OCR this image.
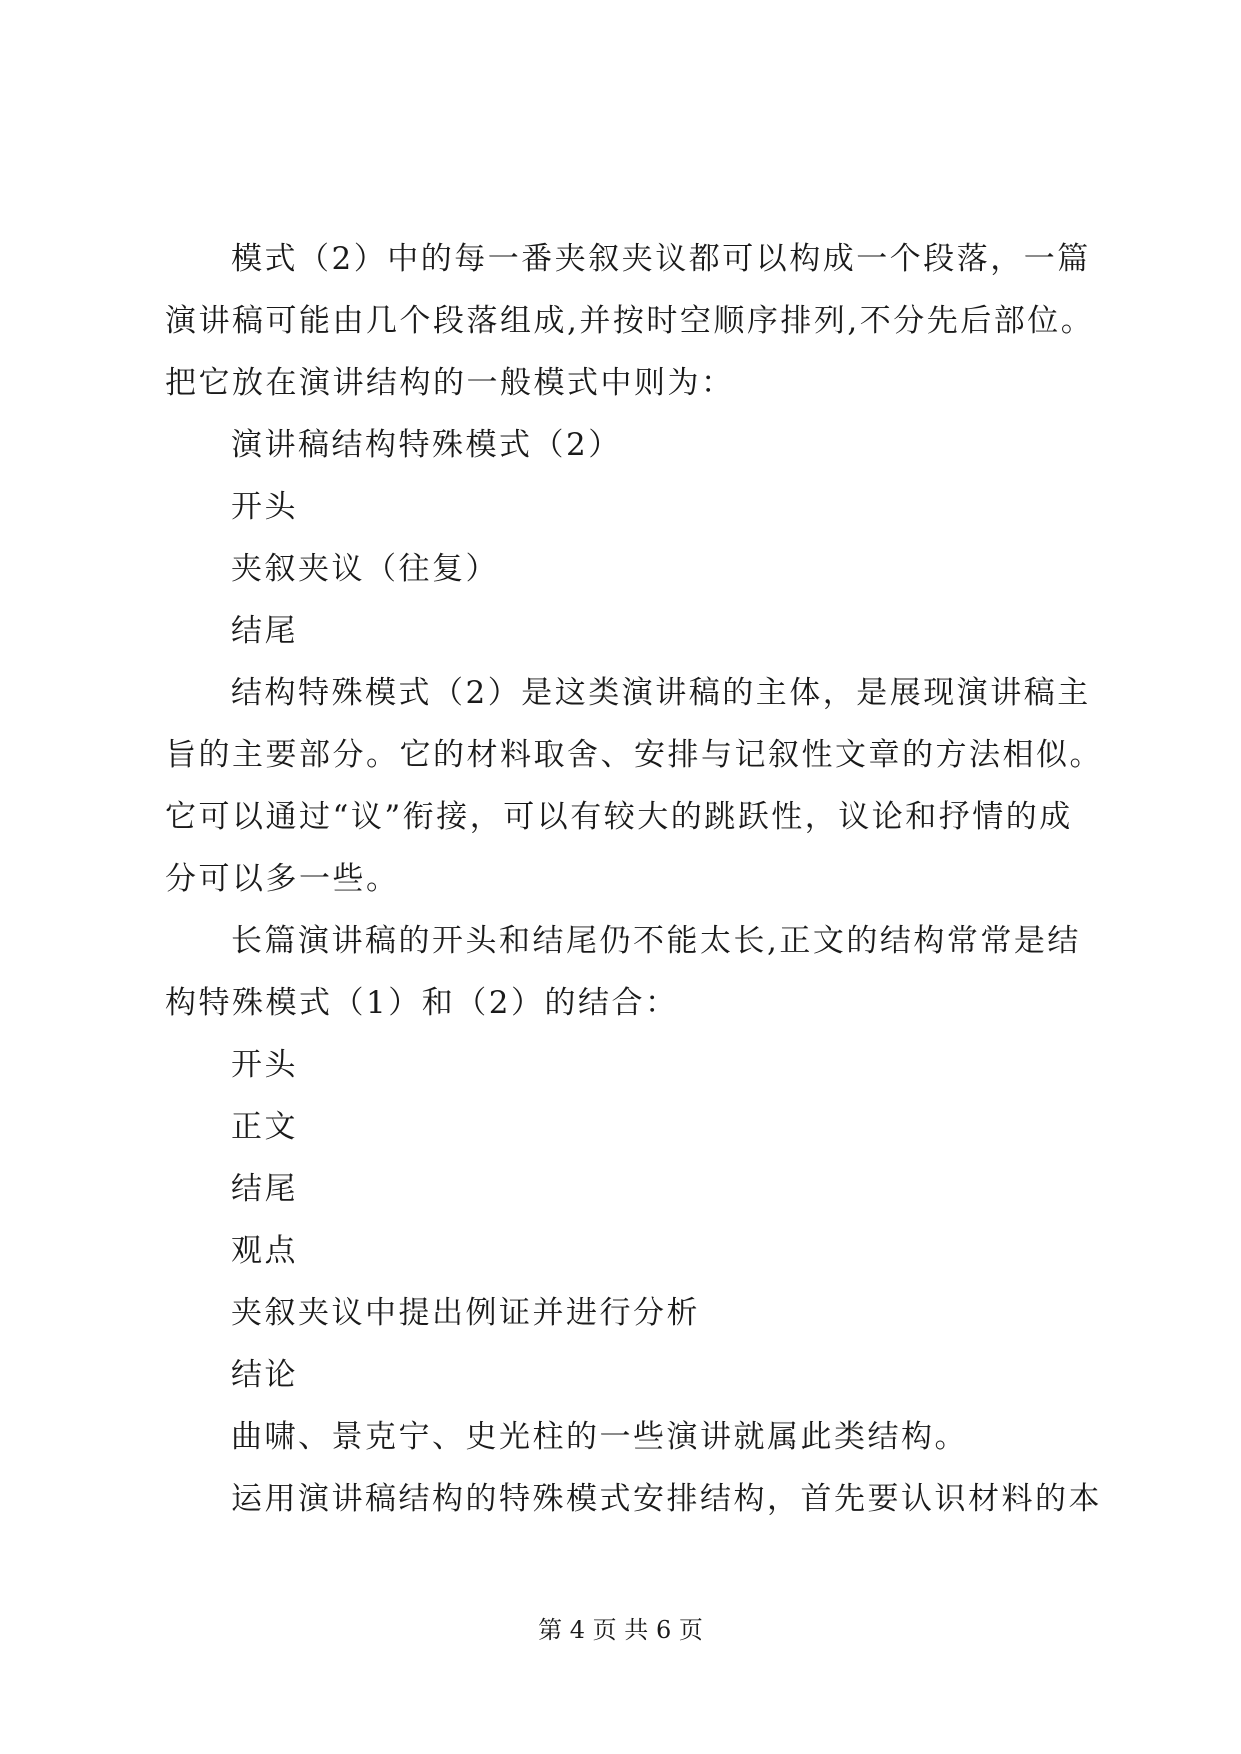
模式（2）中的每一番夹叙夹议都可以构成一个段落，一篇
演讲稿可能由几个段落组成,并按时空顺序排列,不分先后部位。
把它放在演讲结构的一般模式中则为：
演讲稿结构特殊模式（2）
开头
夹叙夹议（往复）
结尾
结构特殊模式（2）是这类演讲稿的主体，是展现演讲稿主
旨的主要部分。它的材料取舍、安排与记叙性文章的方法相似。
它可以通过“议”衔接，可以有较大的跳跃性，议论和抒情的成
分可以多一些。
长篇演讲稿的开头和结尾仍不能太长,正文的结构常常是结
构特殊模式（1）和（2）的结合：
开头
正文
结尾
观点
夹叙夹议中提出例证并进行分析
结论
曲啸、景克宁、史光柱的一些演讲就属此类结构。
运用演讲稿结构的特殊模式安排结构，首先要认识材料的本
第 4 页 共 6 页
